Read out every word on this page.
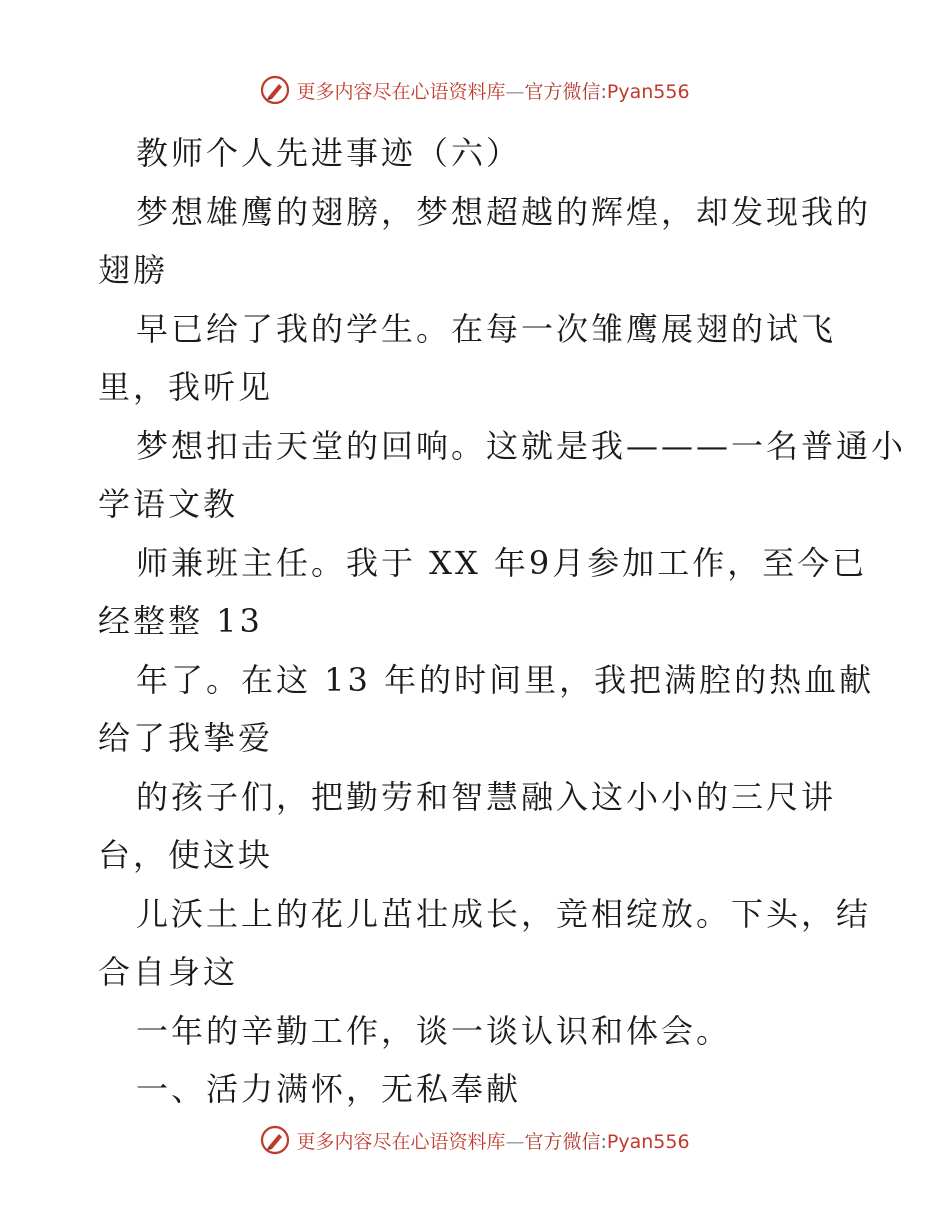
更多内容尽在心语资料库—官方微信:Pyan556
教师个人先进事迹（六）
梦想雄鹰的翅膀，梦想超越的辉煌，却发现我的
翅膀
早已给了我的学生。在每一次雏鹰展翅的试飞
里，我听见
梦想扣击天堂的回响。这就是我———一名普通小
学语文教
师兼班主任。我于 XX 年9月参加工作，至今已
经整整 13
年了。在这 13 年的时间里，我把满腔的热血献
给了我挚爱
的孩子们，把勤劳和智慧融入这小小的三尺讲
台，使这块
儿沃土上的花儿茁壮成长，竞相绽放。下头，结
合自身这
一年的辛勤工作，谈一谈认识和体会。
一、活力满怀，无私奉献
更多内容尽在心语资料库—官方微信:Pyan556
